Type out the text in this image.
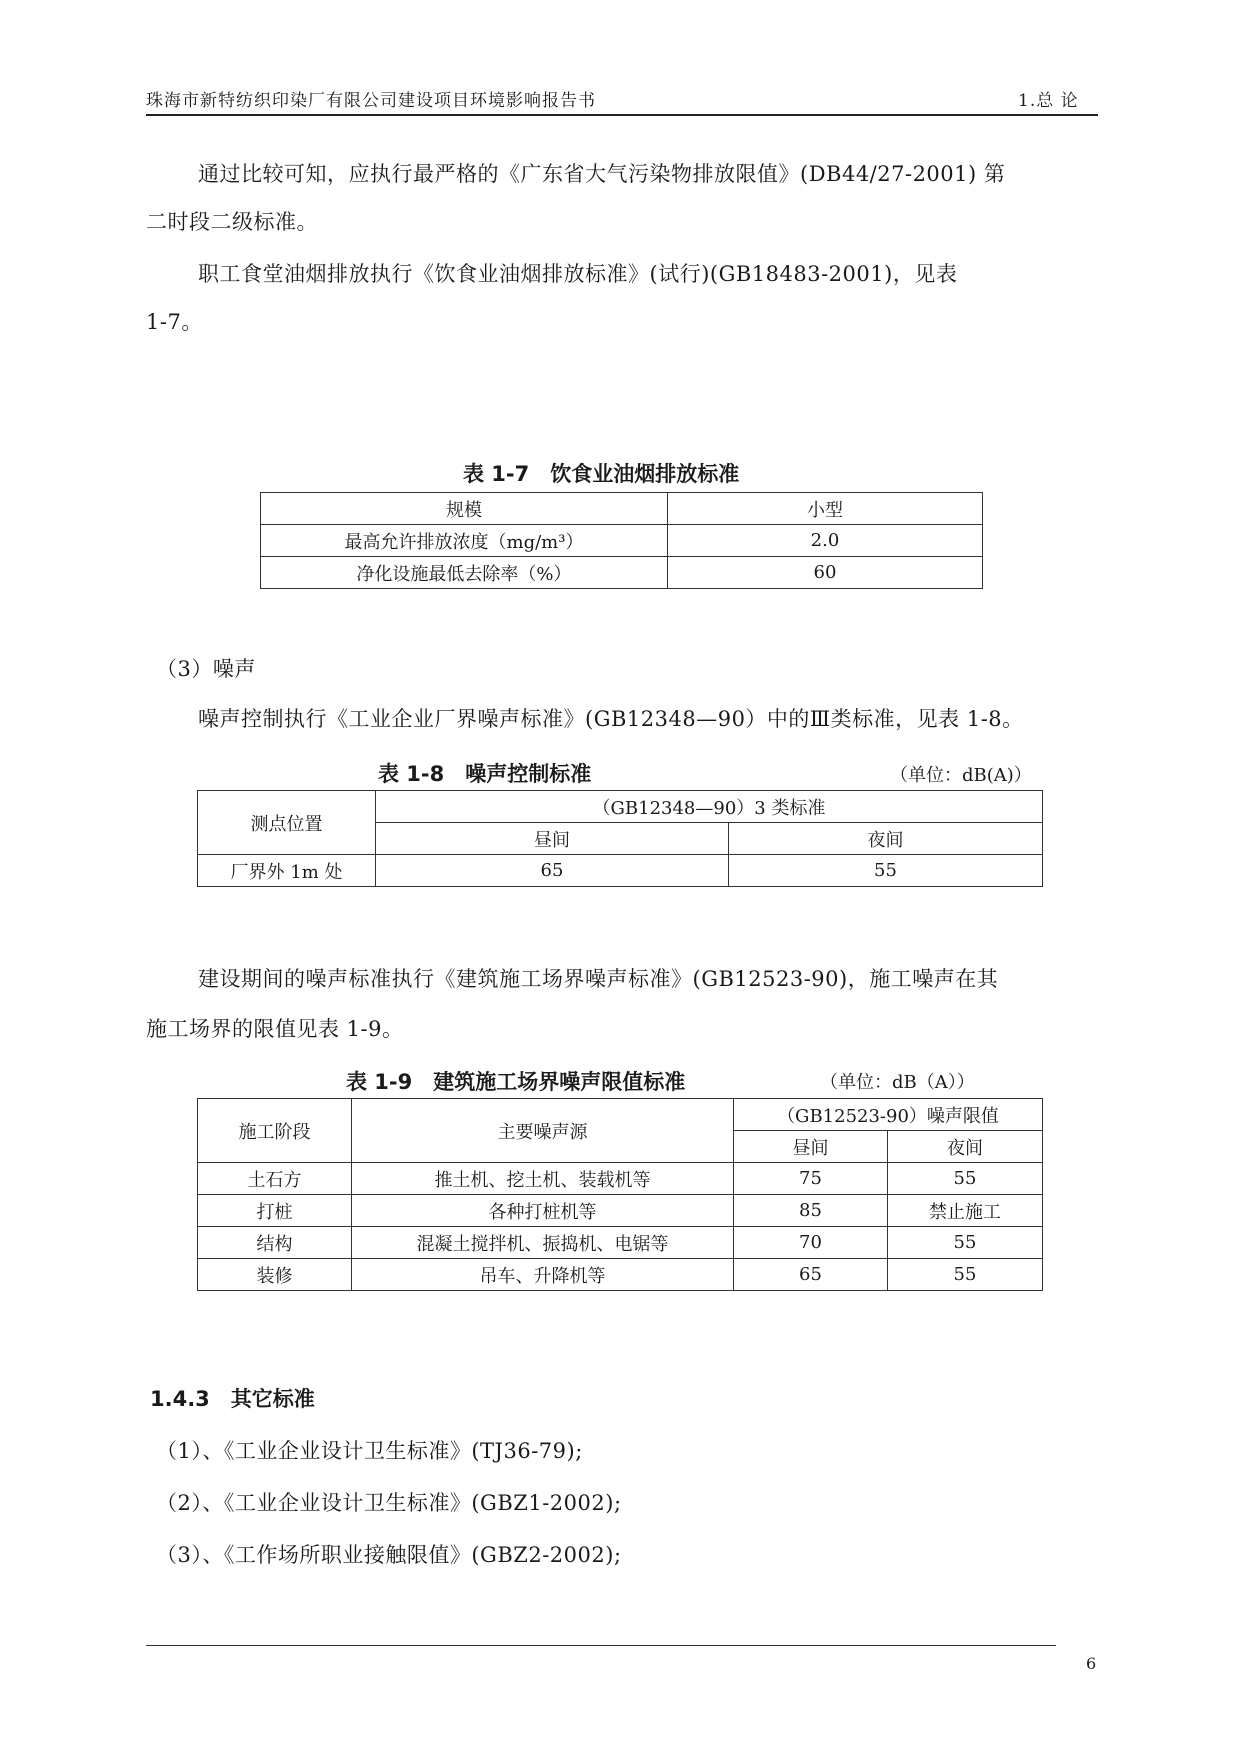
珠海市新特纺织印染厂有限公司建设项目环境影响报告书	1.总 论
通过比较可知，应执行最严格的《广东省大气污染物排放限值》(DB44/27-2001) 第
二时段二级标准。
职工食堂油烟排放执行《饮食业油烟排放标准》(试行)(GB18483-2001)，见表
1-7。
表 1-7　饮食业油烟排放标准
规模	小型
最高允许排放浓度（mg/m³）	2.0
净化设施最低去除率（%）	60
（3）噪声
噪声控制执行《工业企业厂界噪声标准》(GB12348—90）中的Ⅲ类标准，见表 1-8。
表 1-8　噪声控制标准	（单位：dB(A)）
测点位置	（GB12348—90）3 类标准	
	昼间	夜间
厂界外 1m 处	65	55
建设期间的噪声标准执行《建筑施工场界噪声标准》(GB12523-90)，施工噪声在其
施工场界的限值见表 1-9。
表 1-9　建筑施工场界噪声限值标准	（单位：dB（A））
施工阶段	主要噪声源	（GB12523-90）噪声限值	
		昼间	夜间
土石方	推土机、挖土机、装载机等	75	55
打桩	各种打桩机等	85	禁止施工
结构	混凝土搅拌机、振捣机、电锯等	70	55
装修	吊车、升降机等	65	55
1.4.3　其它标准
（1）、《工业企业设计卫生标准》(TJ36-79);
（2）、《工业企业设计卫生标准》(GBZ1-2002);
（3）、《工作场所职业接触限值》(GBZ2-2002);
6
